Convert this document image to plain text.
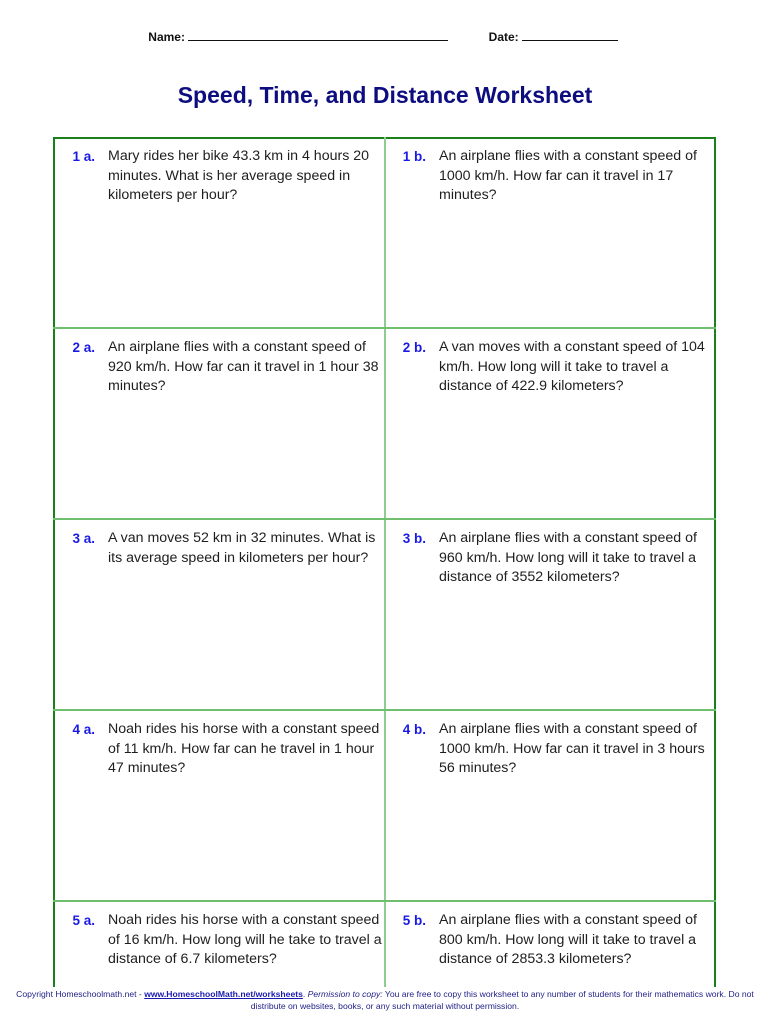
Name:	Date:
Speed, Time, and Distance Worksheet
1 a. Mary rides her bike 43.3 km in 4 hours 20 minutes. What is her average speed in kilometers per hour?
1 b. An airplane flies with a constant speed of 1000 km/h. How far can it travel in 17 minutes?
2 a. An airplane flies with a constant speed of 920 km/h. How far can it travel in 1 hour 38 minutes?
2 b. A van moves with a constant speed of 104 km/h. How long will it take to travel a distance of 422.9 kilometers?
3 a. A van moves 52 km in 32 minutes. What is its average speed in kilometers per hour?
3 b. An airplane flies with a constant speed of 960 km/h. How long will it take to travel a distance of 3552 kilometers?
4 a. Noah rides his horse with a constant speed of 11 km/h. How far can he travel in 1 hour 47 minutes?
4 b. An airplane flies with a constant speed of 1000 km/h. How far can it travel in 3 hours 56 minutes?
5 a. Noah rides his horse with a constant speed of 16 km/h. How long will he take to travel a distance of 6.7 kilometers?
5 b. An airplane flies with a constant speed of 800 km/h. How long will it take to travel a distance of 2853.3 kilometers?
Copyright Homeschoolmath.net - www.HomeschoolMath.net/worksheets. Permission to copy: You are free to copy this worksheet to any number of students for their mathematics work. Do not distribute on websites, books, or any such material without permission.
